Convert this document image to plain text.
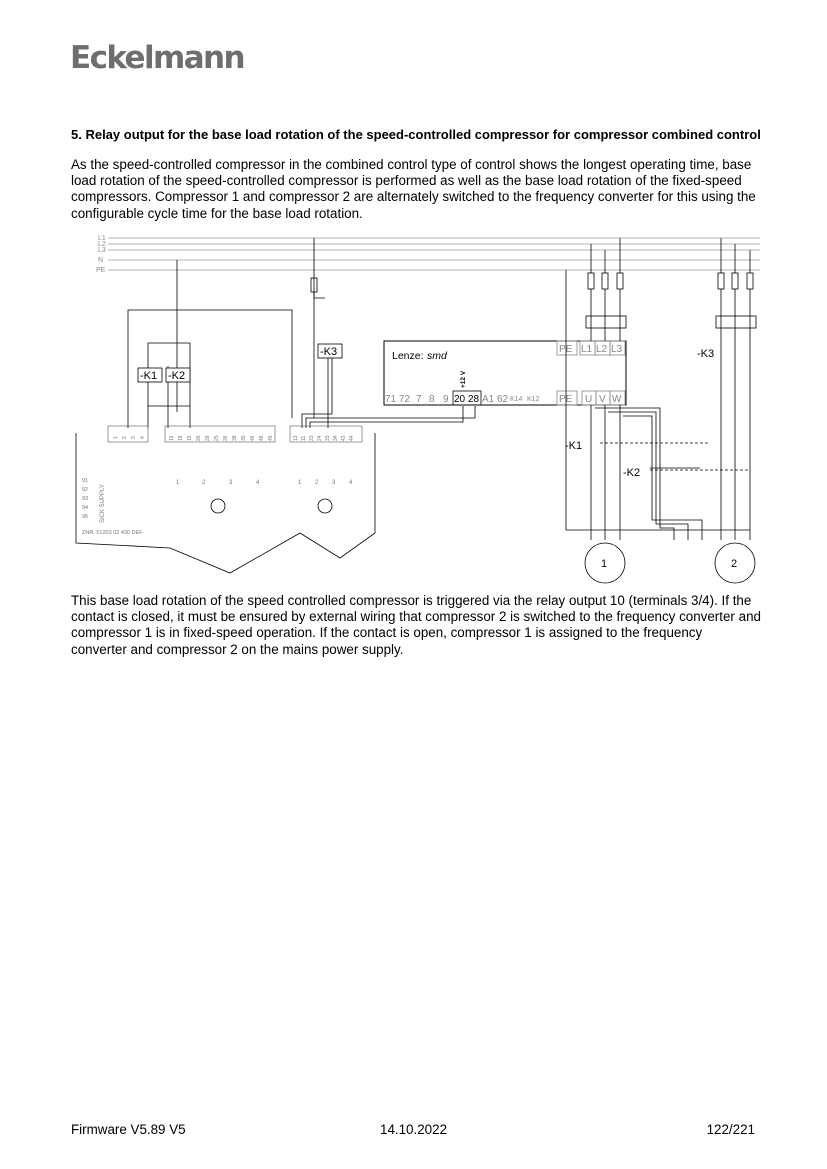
Eckelmann
5. Relay output for the base load rotation of the speed-controlled compressor for compressor combined control
As the speed-controlled compressor in the combined control type of control shows the longest operating time, base load rotation of the speed-controlled compressor is performed as well as the base load rotation of the fixed-speed compressors. Compressor 1 and compressor 2 are alternately switched to the frequency converter for this using the configurable cycle time for the base load rotation.
L1
L2
L3
N
PE
-K1 -K2
-K3	-K3
-K1
-K2
Lenze: smd
+12 V
PE L1 L2 L3
71 72 7 8 9 20 28 A1 62 K14 K12 PE U V W
SICK SUPPLY
91
92
93
94
95
ZNR. 51203 02 430 DEF
1 2 3 4	16 18 15 26 28 25 36 38 35 46 48 45	13 11 23 24 33 34 43 44
1	2	3	4	1 2 3 4
1	2
This base load rotation of the speed controlled compressor is triggered via the relay output 10 (terminals 3/4). If the contact is closed, it must be ensured by external wiring that compressor 2 is switched to the frequency converter and compressor 1 is in fixed-speed operation. If the contact is open, compressor 1 is assigned to the frequency converter and compressor 2 on the mains power supply.
Firmware V5.89 V5	14.10.2022	122/221
